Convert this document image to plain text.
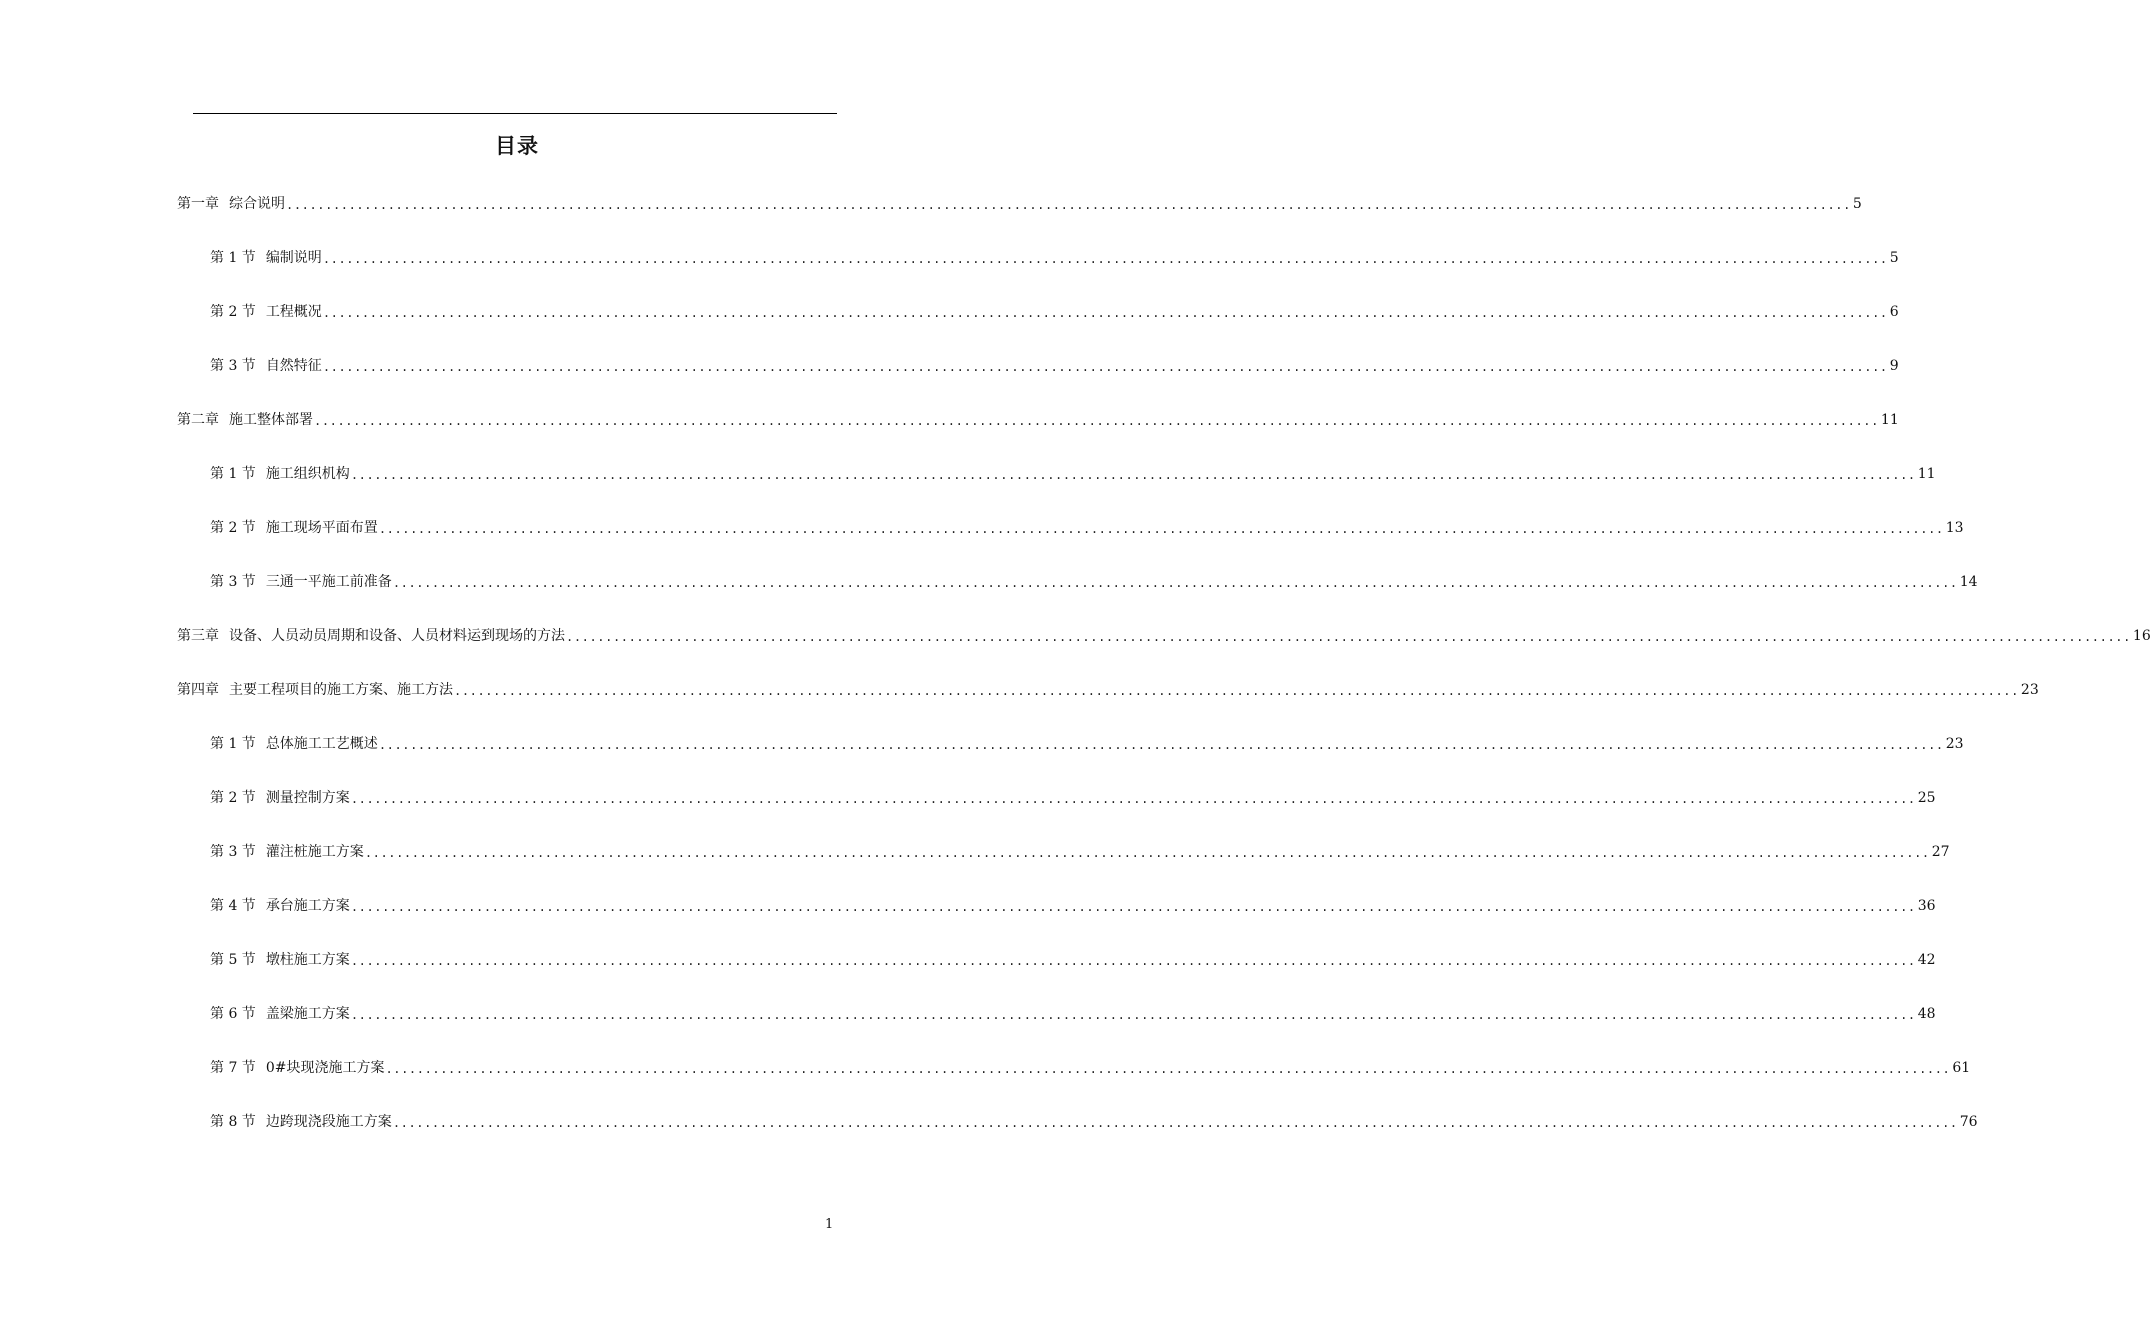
目录
第一章 综合说明 ........................................................................................................................................................................................................ 5
第 1 节 编制说明 ........................................................................................................................................................................................................ 5
第 2 节 工程概况 ........................................................................................................................................................................................................ 6
第 3 节 自然特征 ........................................................................................................................................................................................................ 9
第二章 施工整体部署 ........................................................................................................................................................................................................ 11
第 1 节 施工组织机构 ........................................................................................................................................................................................................ 11
第 2 节 施工现场平面布置 ........................................................................................................................................................................................................ 13
第 3 节 三通一平施工前准备 ........................................................................................................................................................................................................ 14
第三章 设备、人员动员周期和设备、人员材料运到现场的方法 ........................................................................................................................................................................................................ 16
第四章 主要工程项目的施工方案、施工方法 ........................................................................................................................................................................................................ 23
第 1 节 总体施工工艺概述 ........................................................................................................................................................................................................ 23
第 2 节 测量控制方案 ........................................................................................................................................................................................................ 25
第 3 节 灌注桩施工方案 ........................................................................................................................................................................................................ 27
第 4 节 承台施工方案 ........................................................................................................................................................................................................ 36
第 5 节 墩柱施工方案 ........................................................................................................................................................................................................ 42
第 6 节 盖梁施工方案 ........................................................................................................................................................................................................ 48
第 7 节 0#块现浇施工方案 ........................................................................................................................................................................................................ 61
第 8 节 边跨现浇段施工方案 ........................................................................................................................................................................................................ 76
1
